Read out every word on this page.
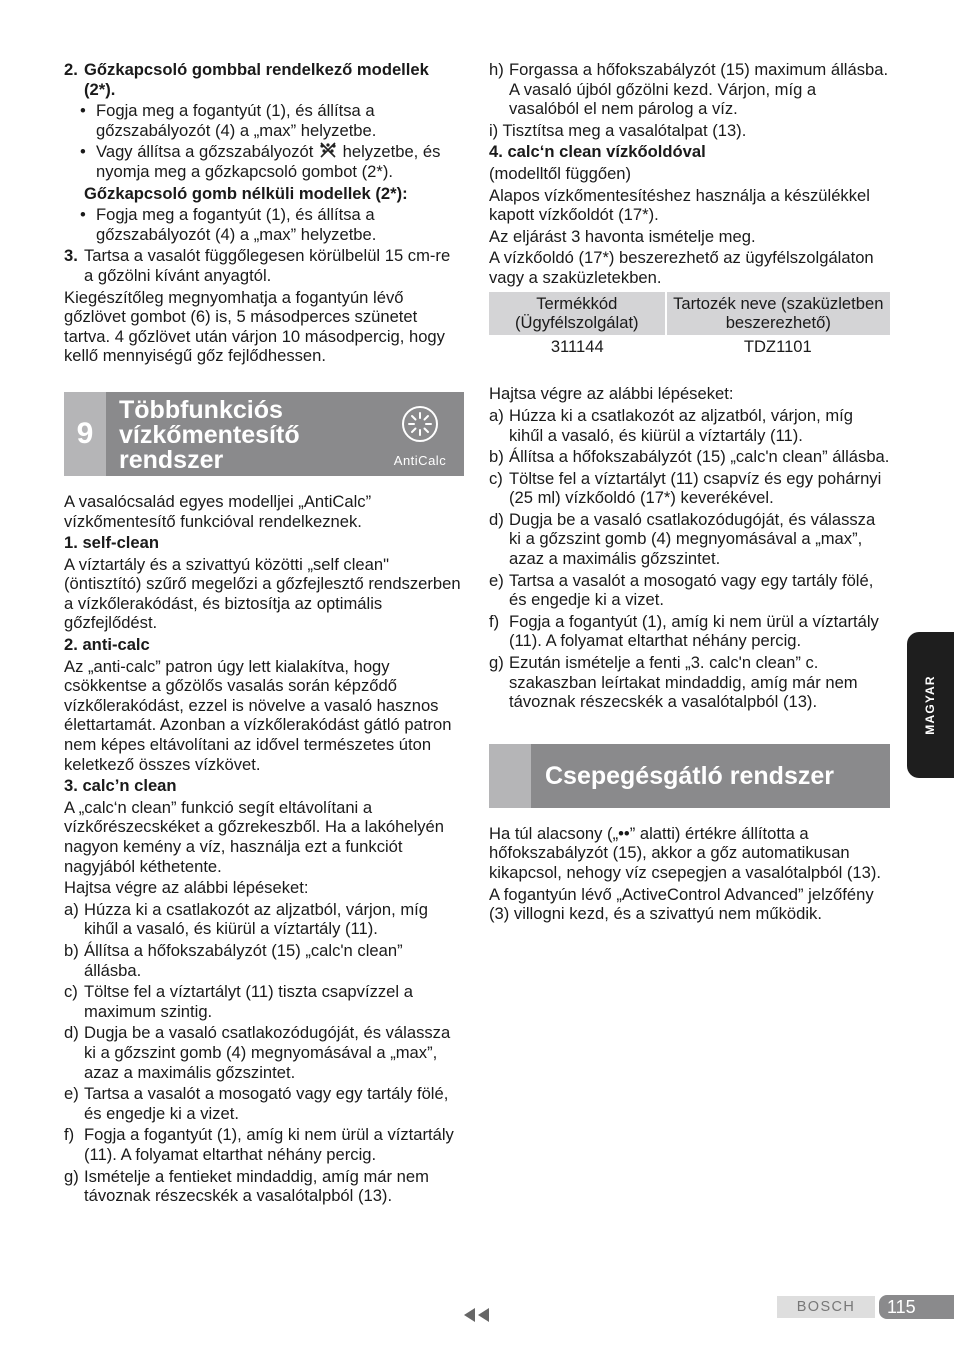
2. Gőzkapcsoló gombbal rendelkező modellek (2*).
• Fogja meg a fogantyút (1), és állítsa a gőzszabályozót (4) a „max” helyzetbe.
• Vagy állítsa a gőzszabályozót helyzetbe, és nyomja meg a gőzkapcsoló gombot (2*).

Gőzkapcsoló gomb nélküli modellek (2*):

• Fogja meg a fogantyút (1), és állítsa a gőzszabályozót (4) a „max” helyzetbe.
3. Tartsa a vasalót függőlegesen körülbelül 15 cm-re a gőzölni kívánt anyagtól.

Kiegészítőleg megnyomhatja a fogantyún lévő gőzlövet gombot (6) is, 5 másodperces szünetet tartva. 4 gőzlövet után várjon 10 másodpercig, hogy kellő mennyiségű gőz fejlődhessen.

9
Többfunkciós vízkőmentesítő rendszer	AntiCalc

A vasalócsalád egyes modelljei „AntiCalc” vízkőmentesítő funkcióval rendelkeznek.

1. self-clean

A víztartály és a szivattyú közötti „self clean" (öntisztító) szűrő megelőzi a gőzfejlesztő rendszerben a vízkőlerakódást, és biztosítja az optimális gőzfejlődést.

2. anti-calc

Az „anti-calc” patron úgy lett kialakítva, hogy csökkentse a gőzölős vasalás során képződő vízkőlerakódást, ezzel is növelve a vasaló hasznos élettartamát. Azonban a vízkőlerakódást gátló patron nem képes eltávolítani az idővel természetes úton keletkező összes vízkövet.

3. calc’n clean

A „calc‘n clean” funkció segít eltávolítani a vízkőrészecskéket a gőzrekeszből. Ha a lakóhelyén nagyon kemény a víz, használja ezt a funkciót nagyjából kéthetente.

Hajtsa végre az alábbi lépéseket:

a) Húzza ki a csatlakozót az aljzatból, várjon, míg kihűl a vasaló, és kiürül a víztartály (11).
b) Állítsa a hőfokszabályzót (15) „calc'n clean” állásba.
c) Töltse fel a víztartályt (11) tiszta csapvízzel a maximum szintig.
d) Dugja be a vasaló csatlakozódugóját, és válassza ki a gőzszint gomb (4) megnyomásával a „max”, azaz a maximális gőzszintet.
e) Tartsa a vasalót a mosogató vagy egy tartály fölé, és engedje ki a vizet.
f) Fogja a fogantyút (1), amíg ki nem ürül a víztartály (11). A folyamat eltarthat néhány percig.
g) Ismételje a fentieket mindaddig, amíg már nem távoznak részecskék a vasalótalpból (13).
h) Forgassa a hőfokszabályzót (15) maximum állásba. A vasaló újból gőzölni kezd. Várjon, míg a vasalóból el nem párolog a víz.

i) Tisztítsa meg a vasalótalpat (13).

4. calc‘n clean vízkőoldóval

(modelltől függően)

Alapos vízkőmentesítéshez használja a készülékkel kapott vízkőoldót (17*).

Az eljárást 3 havonta ismételje meg.

A vízkőoldó (17*) beszerezhető az ügyfélszolgálaton vagy a szaküzletekben.

Termékkód (Ügyfélszolgálat)	Tartozék neve (szaküzletben beszerezhető)
311144	TDZ1101

Hajtsa végre az alábbi lépéseket:

a) Húzza ki a csatlakozót az aljzatból, várjon, míg kihűl a vasaló, és kiürül a víztartály (11).
b) Állítsa a hőfokszabályzót (15) „calc'n clean” állásba.
c) Töltse fel a víztartályt (11) csapvíz és egy pohárnyi (25 ml) vízkőoldó (17*) keverékével.
d) Dugja be a vasaló csatlakozódugóját, és válassza ki a gőzszint gomb (4) megnyomásával a „max”, azaz a maximális gőzszintet.
e) Tartsa a vasalót a mosogató vagy egy tartály fölé, és engedje ki a vizet.
f) Fogja a fogantyút (1), amíg ki nem ürül a víztartály (11). A folyamat eltarthat néhány percig.
g) Ezután ismételje a fenti „3. calc'n clean” c. szakaszban leírtakat mindaddig, amíg már nem távoznak részecskék a vasalótalpból (13).
Csepegésgátló rendszer

Ha túl alacsony („••” alatti) értékre állította a hőfokszabályzót (15), akkor a gőz automatikusan kikapcsol, nehogy víz csepegjen a vasalótalpból (13).

A fogantyún lévő „ActiveControl Advanced” jelzőfény (3) villogni kezd, és a szivattyú nem működik.

MAGYAR
BOSCH	115
